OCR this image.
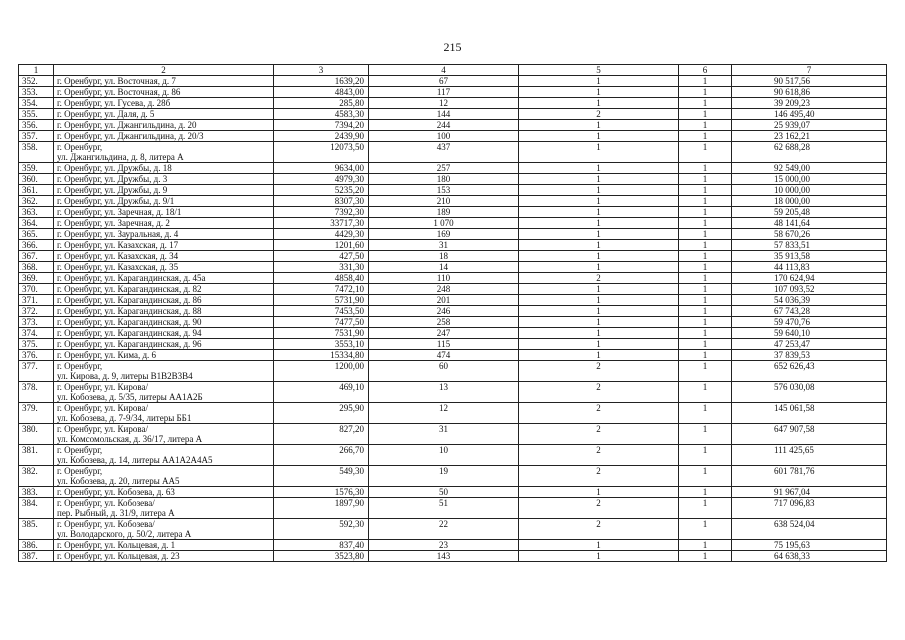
215
1	2	3	4	5	6	7
352.	г. Оренбург, ул. Восточная, д. 7	1639,20	67	1	1	90 517,56
353.	г. Оренбург, ул. Восточная, д. 86	4843,00	117	1	1	90 618,86
354.	г. Оренбург, ул. Гусева, д. 28б	285,80	12	1	1	39 209,23
355.	г. Оренбург, ул. Даля, д. 5	4583,30	144	2	1	146 495,40
356.	г. Оренбург, ул. Джангильдина, д. 20	7394,20	244	1	1	25 939,07
357.	г. Оренбург, ул. Джангильдина, д. 20/3	2439,90	100	1	1	23 162,21
358.	г. Оренбург,
ул. Джангильдина, д. 8, литера А	12073,50	437	1	1	62 688,28
359.	г. Оренбург, ул. Дружбы, д. 18	9634,00	257	1	1	92 549,00
360.	г. Оренбург, ул. Дружбы, д. 3	4979,30	180	1	1	15 000,00
361.	г. Оренбург, ул. Дружбы, д. 9	5235,20	153	1	1	10 000,00
362.	г. Оренбург, ул. Дружбы, д. 9/1	8307,30	210	1	1	18 000,00
363.	г. Оренбург, ул. Заречная, д. 18/1	7392,30	189	1	1	59 205,48
364.	г. Оренбург, ул. Заречная, д. 2	33717,30	1 070	1	1	48 141,64
365.	г. Оренбург, ул. Зауральная, д. 4	4429,30	169	1	1	58 670,26
366.	г. Оренбург, ул. Казахская, д. 17	1201,60	31	1	1	57 833,51
367.	г. Оренбург, ул. Казахская, д. 34	427,50	18	1	1	35 913,58
368.	г. Оренбург, ул. Казахская, д. 35	331,30	14	1	1	44 113,83
369.	г. Оренбург, ул. Карагандинская, д. 45а	4858,40	110	2	1	170 624,94
370.	г. Оренбург, ул. Карагандинская, д. 82	7472,10	248	1	1	107 093,52
371.	г. Оренбург, ул. Карагандинская, д. 86	5731,90	201	1	1	54 036,39
372.	г. Оренбург, ул. Карагандинская, д. 88	7453,50	246	1	1	67 743,28
373.	г. Оренбург, ул. Карагандинская, д. 90	7477,50	258	1	1	59 470,76
374.	г. Оренбург, ул. Карагандинская, д. 94	7531,90	247	1	1	59 640,10
375.	г. Оренбург, ул. Карагандинская, д. 96	3553,10	115	1	1	47 253,47
376.	г. Оренбург, ул. Кима, д. 6	15334,80	474	1	1	37 839,53
377.	г. Оренбург,
ул. Кирова, д. 9, литеры В1В2В3В4	1200,00	60	2	1	652 626,43
378.	г. Оренбург, ул. Кирова/
ул. Кобозева, д. 5/35, литеры АА1А2Б	469,10	13	2	1	576 030,08
379.	г. Оренбург, ул. Кирова/
ул. Кобозева, д. 7-9/34, литеры ББ1	295,90	12	2	1	145 061,58
380.	г. Оренбург, ул. Кирова/
ул. Комсомольская, д. 36/17, литера А	827,20	31	2	1	647 907,58
381.	г. Оренбург,
ул. Кобозева, д. 14, литеры АА1А2А4А5	266,70	10	2	1	111 425,65
382.	г. Оренбург,
ул. Кобозева, д. 20, литеры АА5	549,30	19	2	1	601 781,76
383.	г. Оренбург, ул. Кобозева, д. 63	1576,30	50	1	1	91 967,04
384.	г. Оренбург, ул. Кобозева/
пер. Рыбный, д. 31/9, литера А	1897,90	51	2	1	717 096,83
385.	г. Оренбург, ул. Кобозева/
ул. Володарского, д. 50/2, литера А	592,30	22	2	1	638 524,04
386.	г. Оренбург, ул. Кольцевая, д. 1	837,40	23	1	1	75 195,63
387.	г. Оренбург, ул. Кольцевая, д. 23	3523,80	143	1	1	64 638,33
